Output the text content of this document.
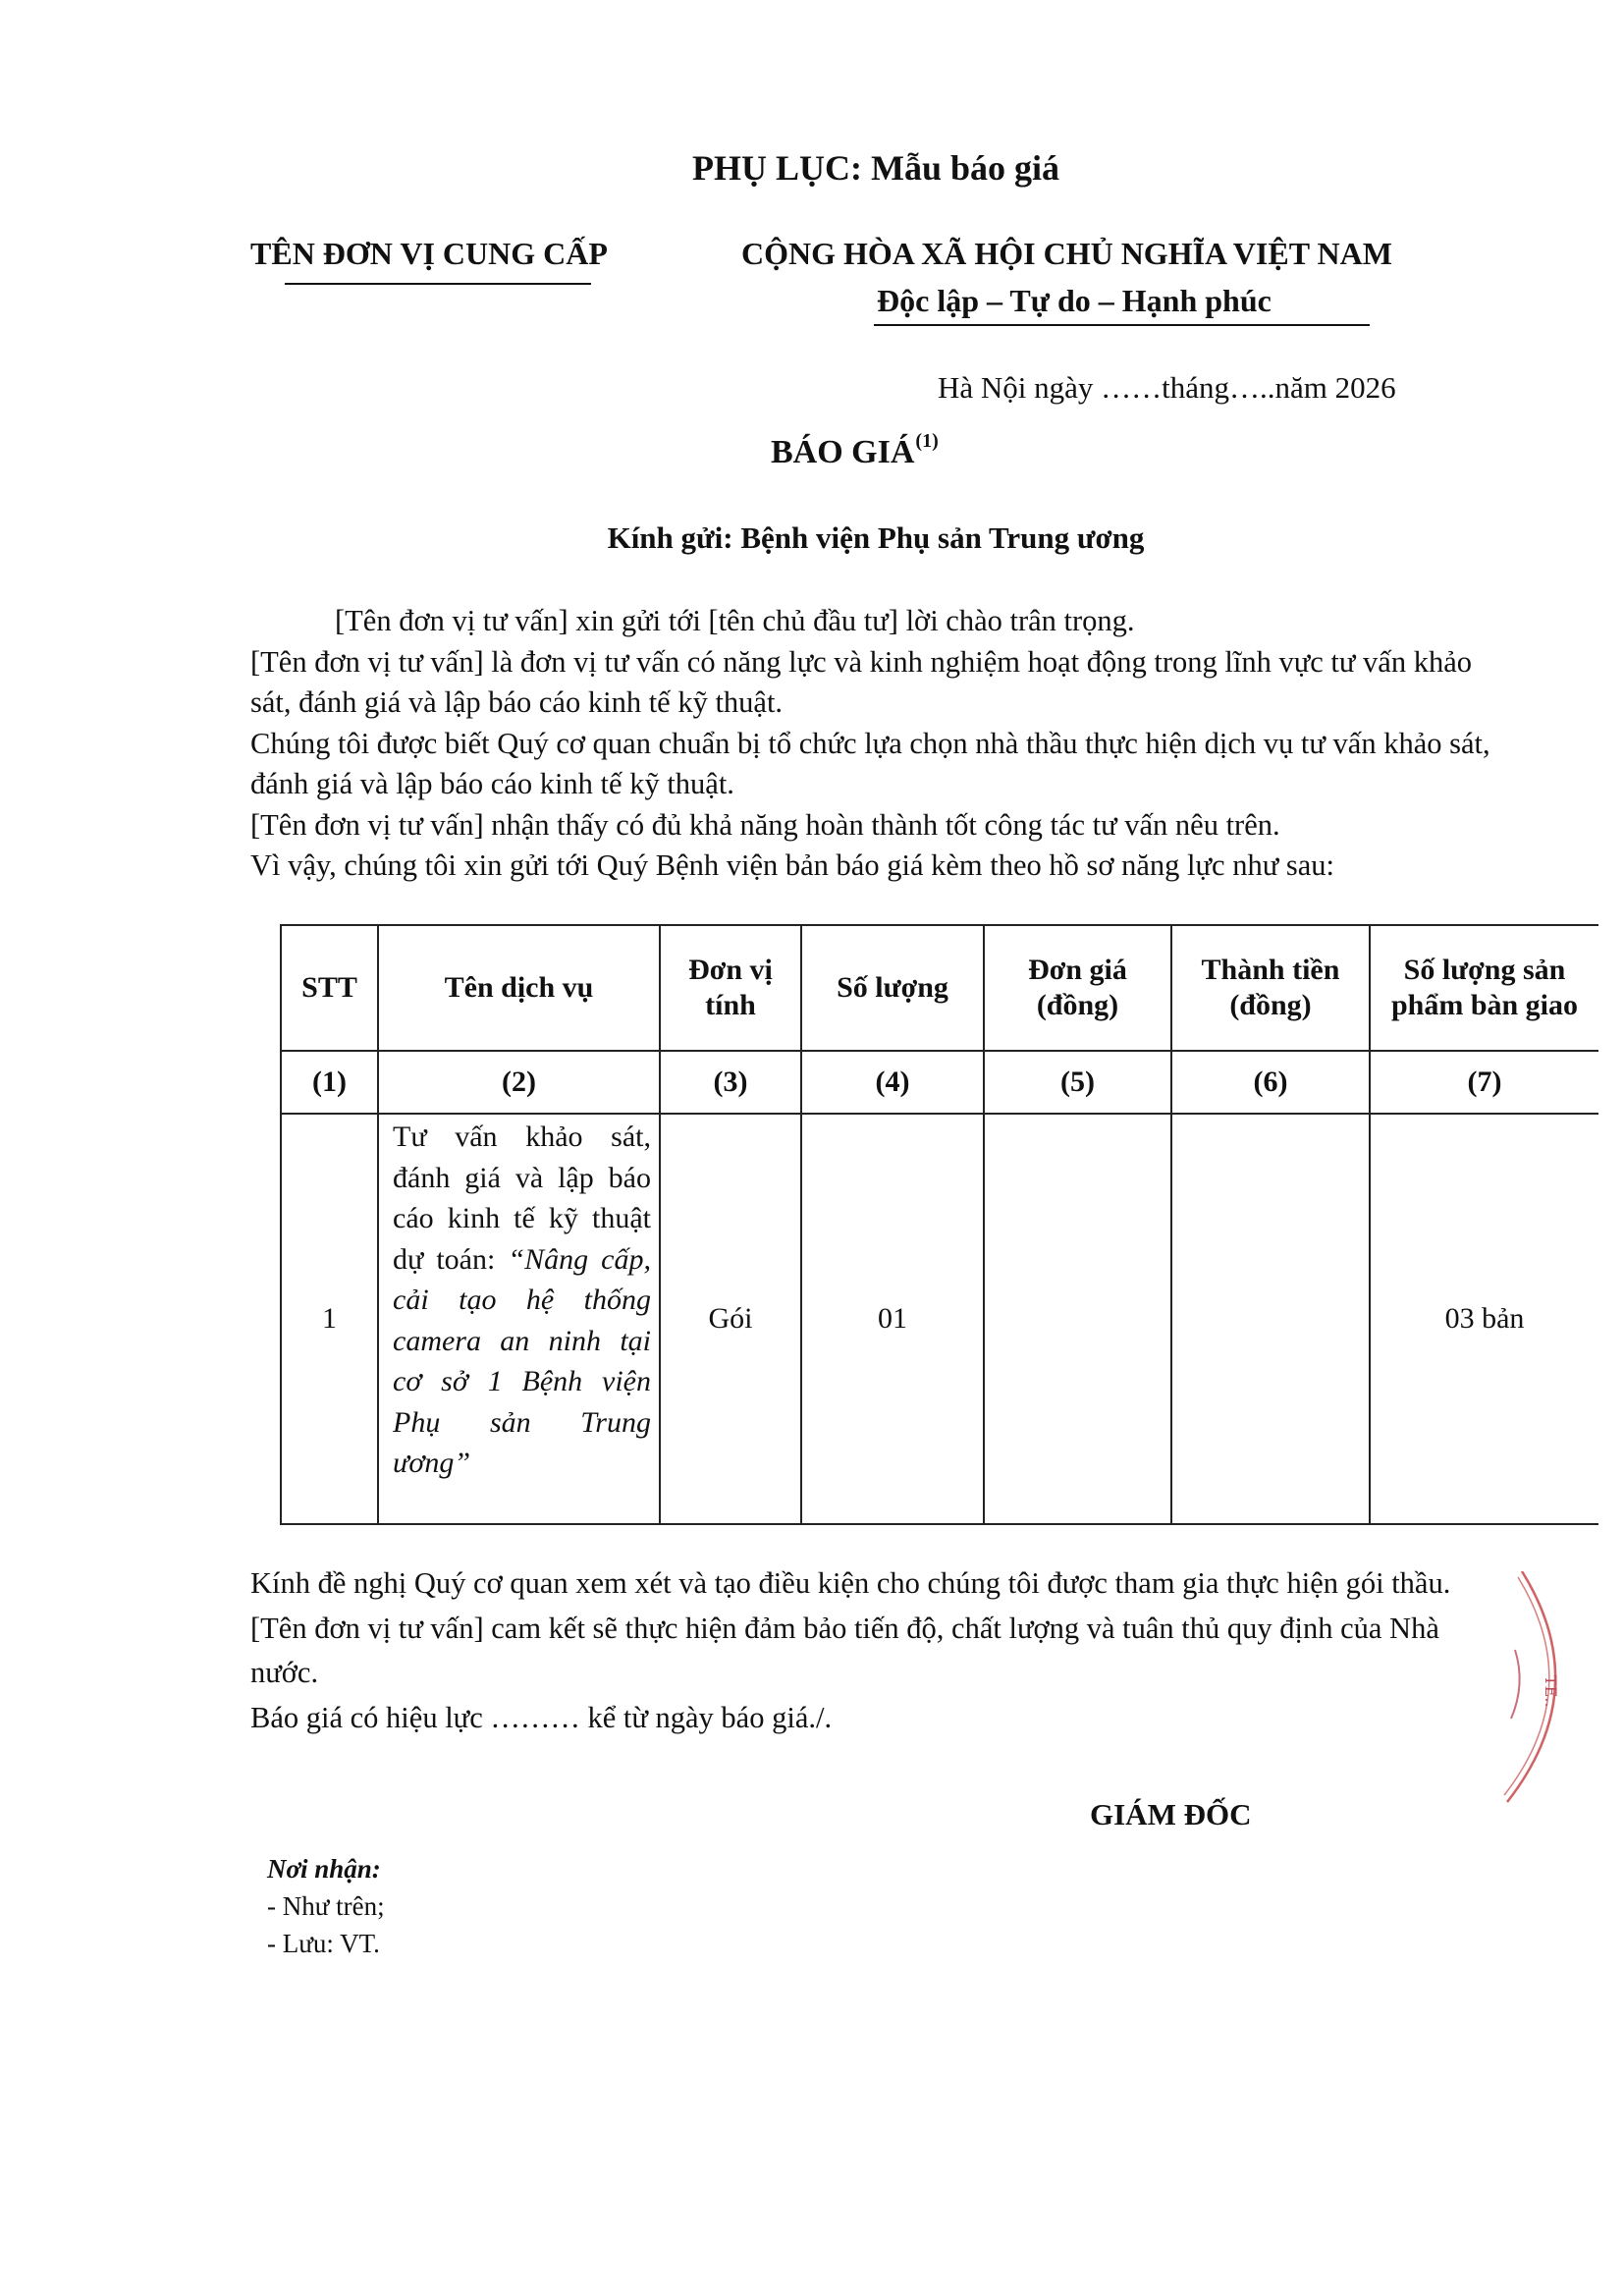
PHỤ LỤC: Mẫu báo giá
TÊN ĐƠN VỊ CUNG CẤP	CỘNG HÒA XÃ HỘI CHỦ NGHĨA VIỆT NAM
Độc lập – Tự do – Hạnh phúc
Hà Nội ngày ……tháng…..năm 2026
BÁO GIÁ$^{(1)}$
Kính gửi: Bệnh viện Phụ sản Trung ương

[Tên đơn vị tư vấn] xin gửi tới [tên chủ đầu tư] lời chào trân trọng.

[Tên đơn vị tư vấn] là đơn vị tư vấn có năng lực và kinh nghiệm hoạt động trong lĩnh vực tư vấn khảo sát, đánh giá và lập báo cáo kinh tế kỹ thuật.

Chúng tôi được biết Quý cơ quan chuẩn bị tổ chức lựa chọn nhà thầu thực hiện dịch vụ tư vấn khảo sát, đánh giá và lập báo cáo kinh tế kỹ thuật.

[Tên đơn vị tư vấn] nhận thấy có đủ khả năng hoàn thành tốt công tác tư vấn nêu trên.

Vì vậy, chúng tôi xin gửi tới Quý Bệnh viện bản báo giá kèm theo hồ sơ năng lực như sau:

STT	Tên dịch vụ	Đơn vị tính	Số lượng	Đơn giá (đồng)	Thành tiền (đồng)	Số lượng sản phẩm bàn giao
(1)	(2)	(3)	(4)	(5)	(6)	(7)
1	Tư vấn khảo sát, đánh giá và lập báo cáo kinh tế kỹ thuật dự toán: “Nâng cấp, cải tạo hệ thống camera an ninh tại cơ sở 1 Bệnh viện Phụ sản Trung ương”	Gói	01			03 bản

Kính đề nghị Quý cơ quan xem xét và tạo điều kiện cho chúng tôi được tham gia thực hiện gói thầu.

[Tên đơn vị tư vấn] cam kết sẽ thực hiện đảm bảo tiến độ, chất lượng và tuân thủ quy định của Nhà nước.

Báo giá có hiệu lực ……… kể từ ngày báo giá./.

GIÁM ĐỐC
Nơi nhận:
- Như trên;
- Lưu: VT.
TE..
